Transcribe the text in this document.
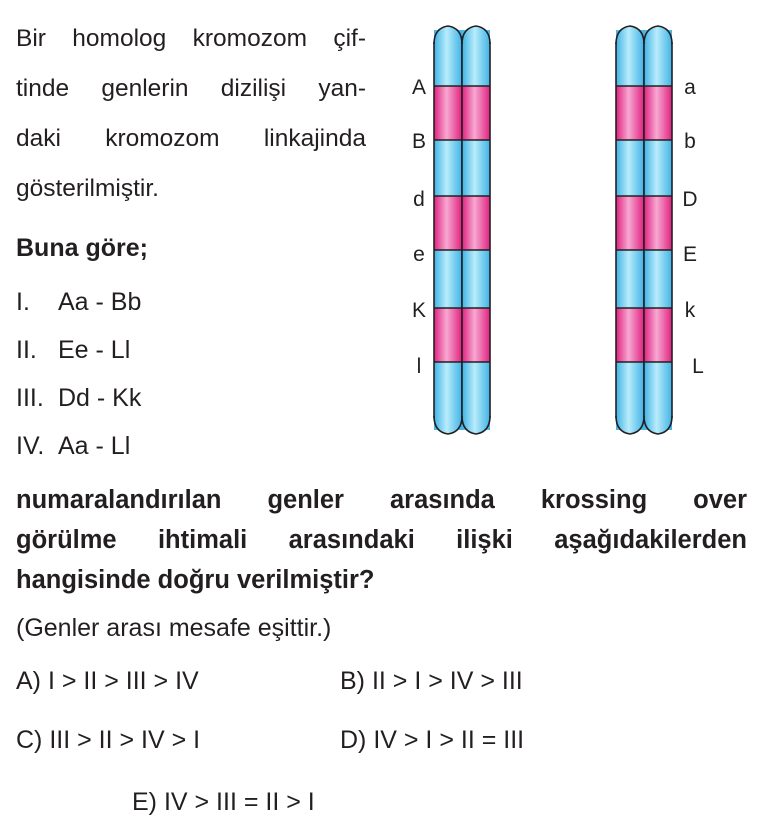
Bir homolog kromozom çif-
tinde genlerin dizilişi yan-
daki kromozom linkajinda
gösterilmiştir.

Buna göre;

I.	Aa - Bb
II. Ee - Ll
III. Dd - Kk
IV. Aa - Ll
A
B
d
e
K
l
a
b
D
E
k
L
numaralandırılan genler arasında krossing over
görülme ihtimali arasındaki ilişki aşağıdakilerden
hangisinde doğru verilmiştir?

(Genler arası mesafe eşittir.)

A) I > II > III > IV	B) II > I > IV > III

C) III > II > IV > I	D) IV > I > II = III

E) IV > III = II > I
